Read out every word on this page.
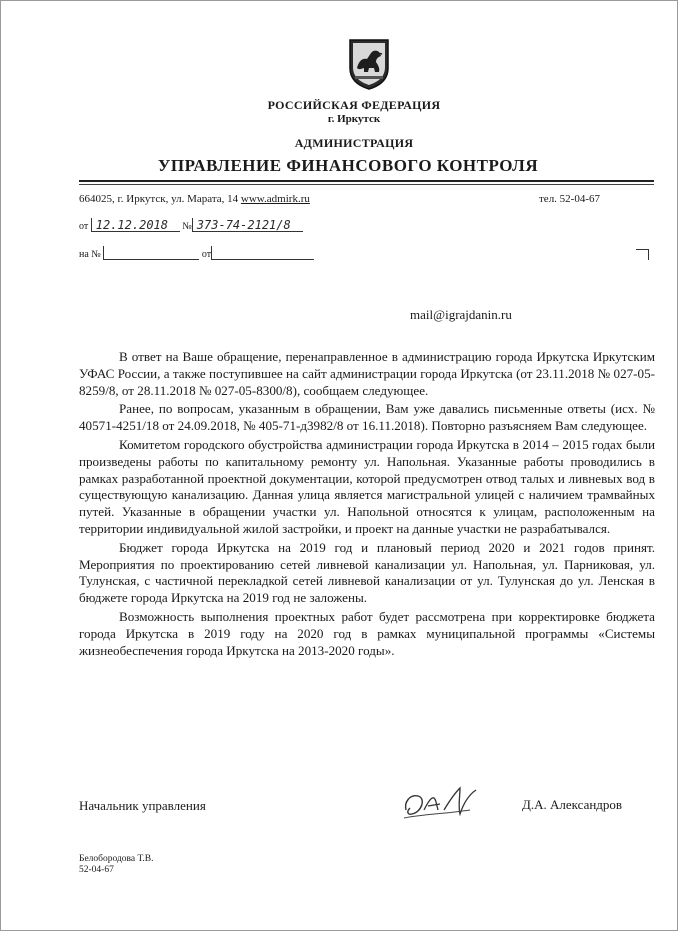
РОССИЙСКАЯ ФЕДЕРАЦИЯ
г. Иркутск
АДМИНИСТРАЦИЯ
УПРАВЛЕНИЕ ФИНАНСОВОГО КОНТРОЛЯ
664025, г. Иркутск, ул. Марата, 14 www.admirk.ru	тел. 52-04-67
от 12.12.2018 № 373-74-2121/8
на №	от
mail@igrajdanin.ru

В ответ на Ваше обращение, перенаправленное в администрацию города Иркутска Иркутским УФАС России, а также поступившее на сайт администрации города Иркутска (от 23.11.2018 № 027-05-8259/8, от 28.11.2018 № 027-05-8300/8), сообщаем следующее.

Ранее, по вопросам, указанным в обращении, Вам уже давались письменные ответы (исх. № 40571-4251/18 от 24.09.2018, № 405-71-д3982/8 от 16.11.2018). Повторно разъясняем Вам следующее.

Комитетом городского обустройства администрации города Иркутска в 2014 – 2015 годах были произведены работы по капитальному ремонту ул. Напольная. Указанные работы проводились в рамках разработанной проектной документации, которой предусмотрен отвод талых и ливневых вод в существующую канализацию. Данная улица является магистральной улицей с наличием трамвайных путей. Указанные в обращении участки ул. Напольной относятся к улицам, расположенным на территории индивидуальной жилой застройки, и проект на данные участки не разрабатывался.

Бюджет города Иркутска на 2019 год и плановый период 2020 и 2021 годов принят. Мероприятия по проектированию сетей ливневой канализации ул. Напольная, ул. Парниковая, ул. Тулунская, с частичной перекладкой сетей ливневой канализации от ул. Тулунская до ул. Ленская в бюджете города Иркутска на 2019 год не заложены.

Возможность выполнения проектных работ будет рассмотрена при корректировке бюджета города Иркутска в 2019 году на 2020 год в рамках муниципальной программы «Системы жизнеобеспечения города Иркутска на 2013-2020 годы».

Начальник управления	Д.А. Александров
Белобородова Т.В.
52-04-67
